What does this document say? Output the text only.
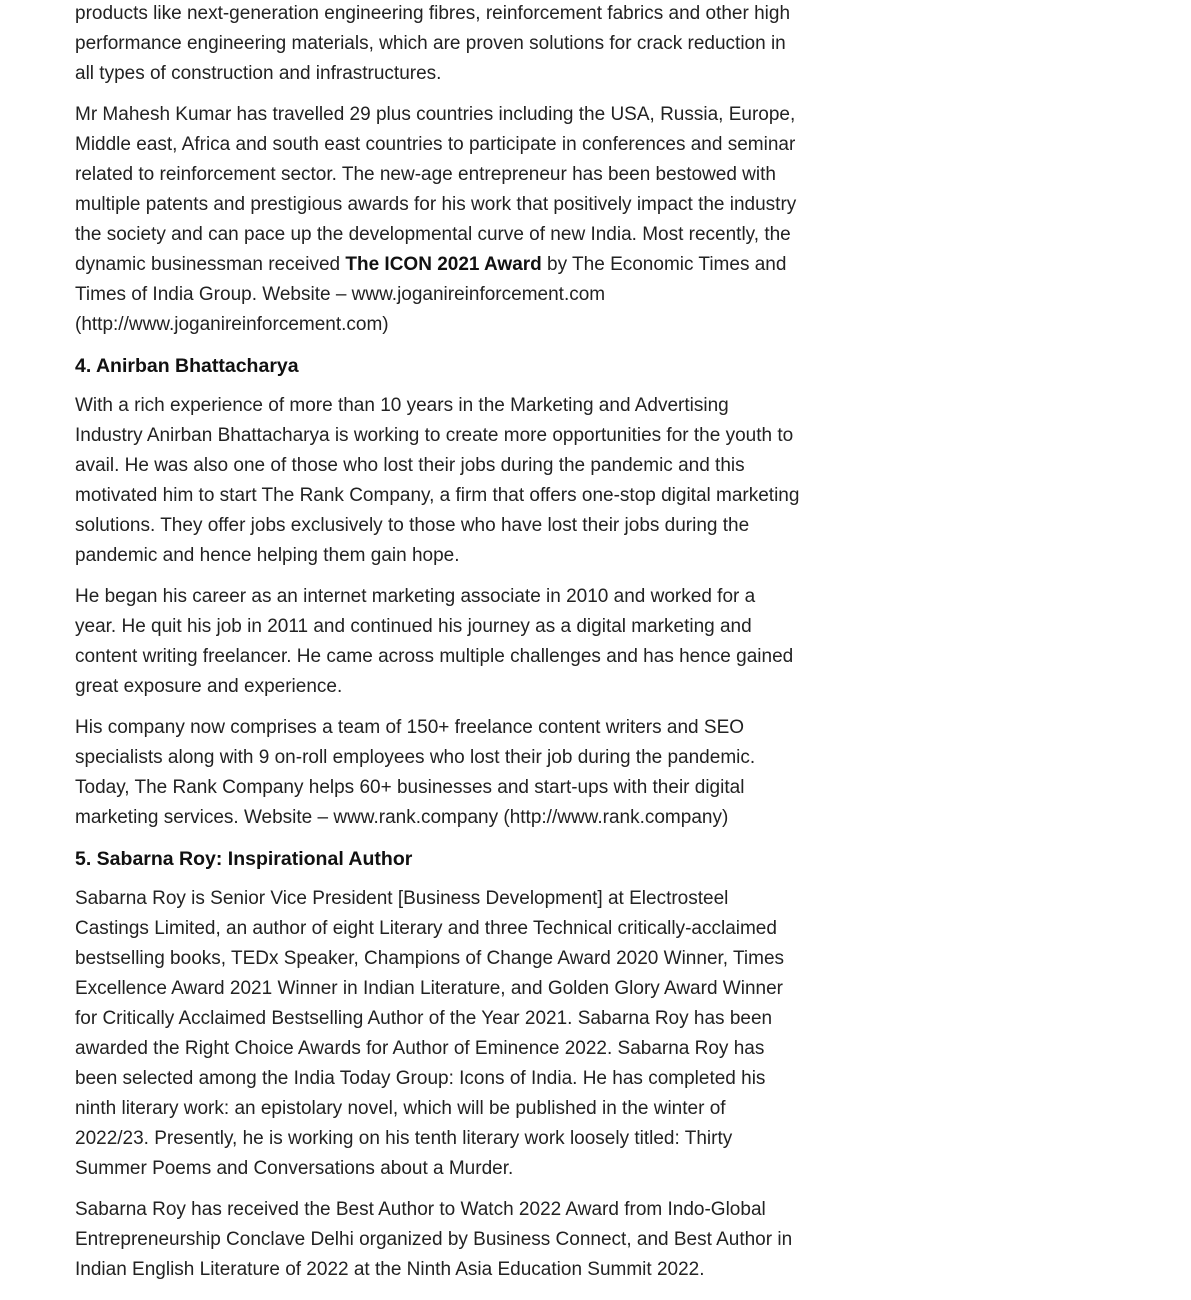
products like next-generation engineering fibres, reinforcement fabrics and other high performance engineering materials, which are proven solutions for crack reduction in all types of construction and infrastructures.

Mr Mahesh Kumar has travelled 29 plus countries including the USA, Russia, Europe, Middle east, Africa and south east countries to participate in conferences and seminar related to reinforcement sector. The new-age entrepreneur has been bestowed with multiple patents and prestigious awards for his work that positively impact the industry the society and can pace up the developmental curve of new India. Most recently, the dynamic businessman received The ICON 2021 Award by The Economic Times and Times of India Group. Website – www.joganireinforcement.com (http://www.joganireinforcement.com)

4. Anirban Bhattacharya

With a rich experience of more than 10 years in the Marketing and Advertising Industry Anirban Bhattacharya is working to create more opportunities for the youth to avail. He was also one of those who lost their jobs during the pandemic and this motivated him to start The Rank Company, a firm that offers one-stop digital marketing solutions. They offer jobs exclusively to those who have lost their jobs during the pandemic and hence helping them gain hope.

He began his career as an internet marketing associate in 2010 and worked for a year. He quit his job in 2011 and continued his journey as a digital marketing and content writing freelancer. He came across multiple challenges and has hence gained great exposure and experience.

His company now comprises a team of 150+ freelance content writers and SEO specialists along with 9 on-roll employees who lost their job during the pandemic. Today, The Rank Company helps 60+ businesses and start-ups with their digital marketing services. Website – www.rank.company (http://www.rank.company)

5. Sabarna Roy: Inspirational Author

Sabarna Roy is Senior Vice President [Business Development] at Electrosteel Castings Limited, an author of eight Literary and three Technical critically-acclaimed bestselling books, TEDx Speaker, Champions of Change Award 2020 Winner, Times Excellence Award 2021 Winner in Indian Literature, and Golden Glory Award Winner for Critically Acclaimed Bestselling Author of the Year 2021. Sabarna Roy has been awarded the Right Choice Awards for Author of Eminence 2022. Sabarna Roy has been selected among the India Today Group: Icons of India. He has completed his ninth literary work: an epistolary novel, which will be published in the winter of 2022/23. Presently, he is working on his tenth literary work loosely titled: Thirty Summer Poems and Conversations about a Murder.

Sabarna Roy has received the Best Author to Watch 2022 Award from Indo-Global Entrepreneurship Conclave Delhi organized by Business Connect, and Best Author in Indian English Literature of 2022 at the Ninth Asia Education Summit 2022.
